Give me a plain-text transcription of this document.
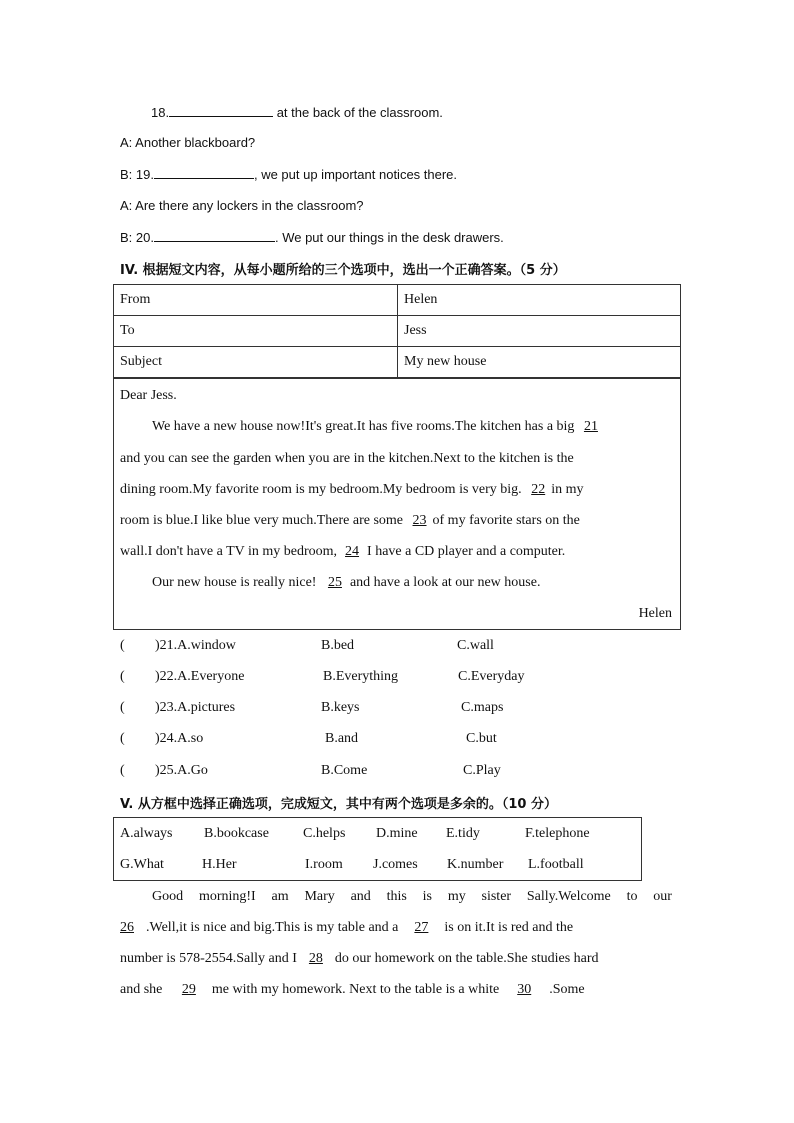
18.	at the back of the classroom.
A: Another blackboard?
B: 19.	, we put up important notices there.
A: Are there any lockers in the classroom?
B: 20.	. We put our things in the desk drawers.
IV. 根据短文内容，从每小题所给的三个选项中，选出一个正确答案。（5 分）
From	Helen
To	Jess
Subject	My new house
Dear Jess.
We have a new house now!It's great.It has five rooms.The kitchen has a big 21
and you can see the garden when you are in the kitchen.Next to the kitchen is the
dining room.My favorite room is my bedroom.My bedroom is very big. 22 in my
room is blue.I like blue very much.There are some 23 of my favorite stars on the
wall.I don't have a TV in my bedroom, 24 I have a CD player and a computer.
Our new house is really nice! 25 and have a look at our new house.
Helen
( )21.A.window	B.bed	C.wall
( )22.A.Everyone	B.Everything	C.Everyday
( )23.A.pictures	B.keys	C.maps
( )24.A.so	B.and	C.but
( )25.A.Go	B.Come	C.Play
V. 从方框中选择正确选项，完成短文，其中有两个选项是多余的。（10 分）
A.always B.bookcase C.helps D.mine E.tidy	F.telephone
G.What	H.Her	I.room J.comes K.number L.football
Good morning!I am Mary and this is my sister Sally.Welcome to our
26 .Well,it is nice and big.This is my table and a 27 is on it.It is red and the
number is 578-2554.Sally and I 28 do our homework on the table.She studies hard
and she 29 me with my homework. Next to the table is a white 30 .Some
